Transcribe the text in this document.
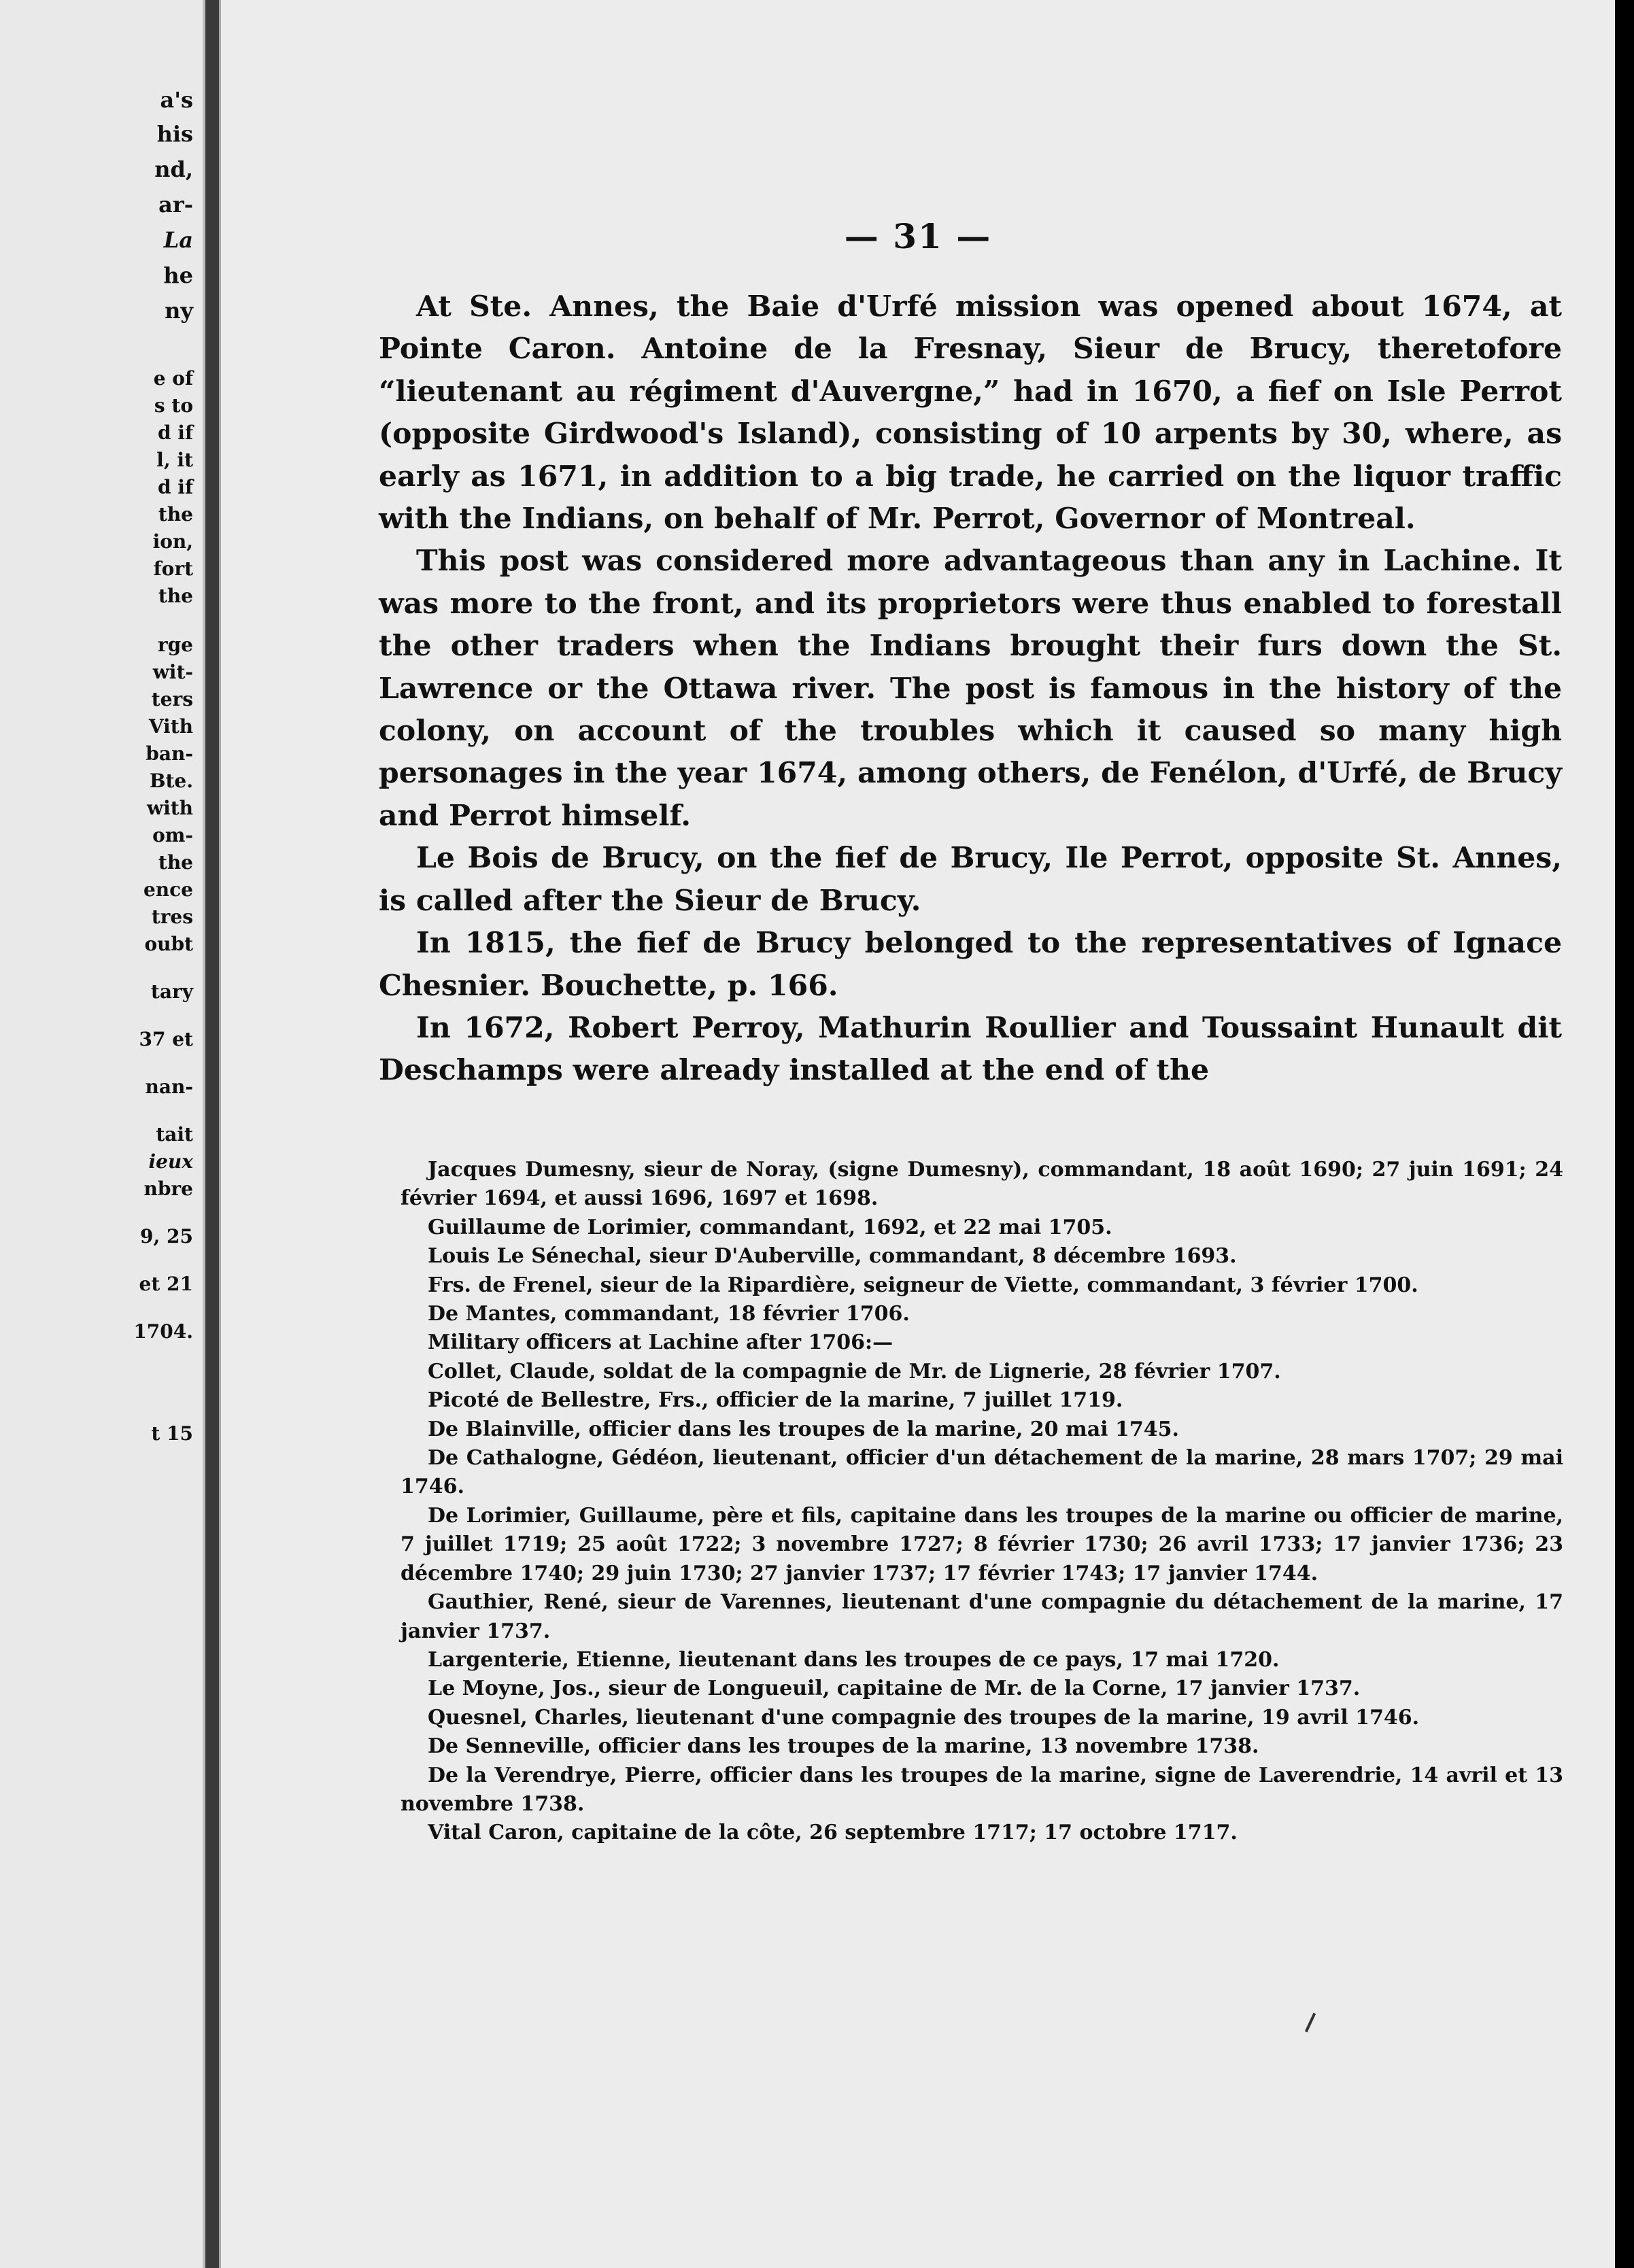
a's
his
nd,
ar-
La
he
ny
e of
s to
d if
l, it
d if
the
ion,
fort
the
rge
wit-
ters
Vith
ban-
Bte.
with
om-
the
ence
tres
oubt
tary
37 et
nan-
tait
ieux
nbre
9, 25
et 21
1704.
t 15
— 31 —

At Ste. Annes, the Baie d'Urfé mission was opened about 1674, at Pointe Caron. Antoine de la Fresnay, Sieur de Brucy, theretofore “lieutenant au régiment d'Auvergne,” had in 1670, a fief on Isle Perrot (opposite Girdwood's Island), consisting of 10 arpents by 30, where, as early as 1671, in addition to a big trade, he carried on the liquor traffic with the Indians, on behalf of Mr. Perrot, Governor of Montreal.

This post was considered more advantageous than any in Lachine. It was more to the front, and its proprietors were thus enabled to forestall the other traders when the Indians brought their furs down the St. Lawrence or the Ottawa river. The post is famous in the history of the colony, on account of the troubles which it caused so many high personages in the year 1674, among others, de Fenélon, d'Urfé, de Brucy and Perrot himself.

Le Bois de Brucy, on the fief de Brucy, Ile Perrot, opposite St. Annes, is called after the Sieur de Brucy.

In 1815, the fief de Brucy belonged to the representatives of Ignace Chesnier. Bouchette, p. 166.

In 1672, Robert Perroy, Mathurin Roullier and Toussaint Hunault dit Deschamps were already installed at the end of the

Jacques Dumesny, sieur de Noray, (signe Dumesny), commandant, 18 août 1690; 27 juin 1691; 24 février 1694, et aussi 1696, 1697 et 1698.

Guillaume de Lorimier, commandant, 1692, et 22 mai 1705.

Louis Le Sénechal, sieur D'Auberville, commandant, 8 décembre 1693.

Frs. de Frenel, sieur de la Ripardière, seigneur de Viette, commandant, 3 février 1700.

De Mantes, commandant, 18 février 1706.

Military officers at Lachine after 1706:—

Collet, Claude, soldat de la compagnie de Mr. de Lignerie, 28 février 1707.

Picoté de Bellestre, Frs., officier de la marine, 7 juillet 1719.

De Blainville, officier dans les troupes de la marine, 20 mai 1745.

De Cathalogne, Gédéon, lieutenant, officier d'un détachement de la marine, 28 mars 1707; 29 mai 1746.

De Lorimier, Guillaume, père et fils, capitaine dans les troupes de la marine ou officier de marine, 7 juillet 1719; 25 août 1722; 3 novembre 1727; 8 février 1730; 26 avril 1733; 17 janvier 1736; 23 décembre 1740; 29 juin 1730; 27 janvier 1737; 17 février 1743; 17 janvier 1744.

Gauthier, René, sieur de Varennes, lieutenant d'une compagnie du détachement de la marine, 17 janvier 1737.

Largenterie, Etienne, lieutenant dans les troupes de ce pays, 17 mai 1720.

Le Moyne, Jos., sieur de Longueuil, capitaine de Mr. de la Corne, 17 janvier 1737.

Quesnel, Charles, lieutenant d'une compagnie des troupes de la marine, 19 avril 1746.

De Senneville, officier dans les troupes de la marine, 13 novembre 1738.

De la Verendrye, Pierre, officier dans les troupes de la marine, signe de Laverendrie, 14 avril et 13 novembre 1738.

Vital Caron, capitaine de la côte, 26 septembre 1717; 17 octobre 1717.
